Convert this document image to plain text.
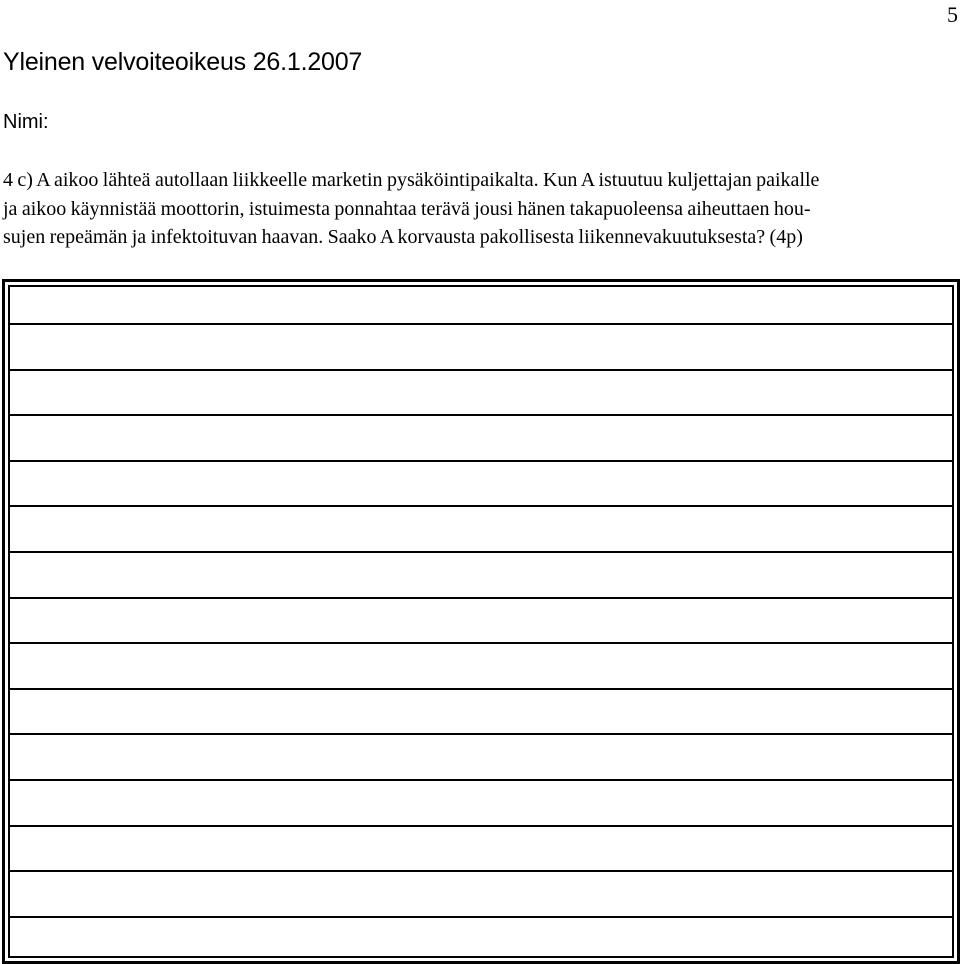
5
Yleinen velvoiteoikeus 26.1.2007
Nimi:
4 c) A aikoo lähteä autollaan liikkeelle marketin pysäköintipaikalta. Kun A istuutuu kuljettajan paikalle
ja aikoo käynnistää moottorin, istuimesta ponnahtaa terävä jousi hänen takapuoleensa aiheuttaen hou-
sujen repeämän ja infektoituvan haavan. Saako A korvausta pakollisesta liikennevakuutuksesta? (4p)
